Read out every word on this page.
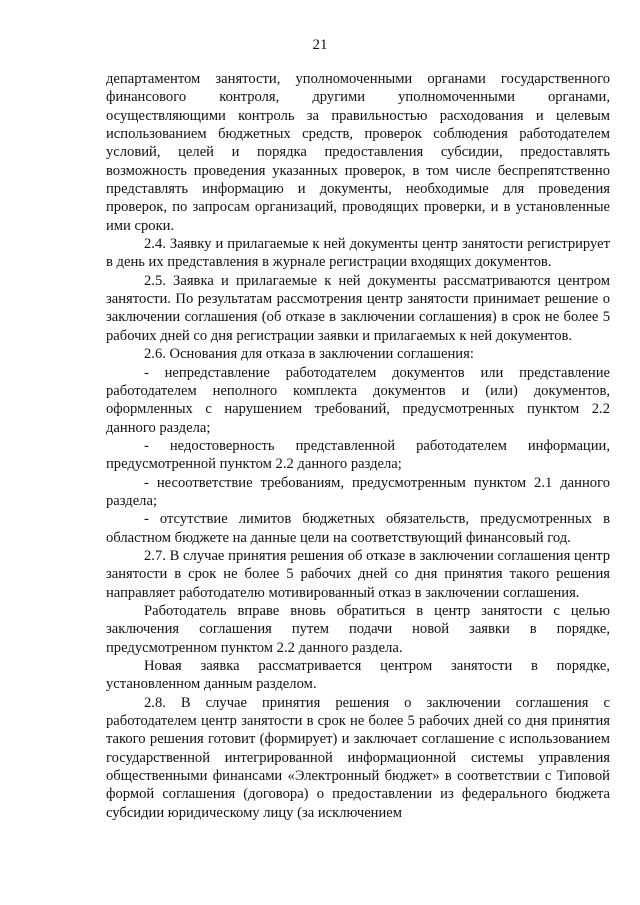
21

департаментом занятости, уполномоченными органами государственного финансового контроля, другими уполномоченными органами, осуществляющими контроль за правильностью расходования и целевым использованием бюджетных средств, проверок соблюдения работодателем условий, целей и порядка предоставления субсидии, предоставлять возможность проведения указанных проверок, в том числе беспрепятственно представлять информацию и документы, необходимые для проведения проверок, по запросам организаций, проводящих проверки, и в установленные ими сроки.

2.4. Заявку и прилагаемые к ней документы центр занятости регистрирует в день их представления в журнале регистрации входящих документов.

2.5. Заявка и прилагаемые к ней документы рассматриваются центром занятости. По результатам рассмотрения центр занятости принимает решение о заключении соглашения (об отказе в заключении соглашения) в срок не более 5 рабочих дней со дня регистрации заявки и прилагаемых к ней документов.

2.6. Основания для отказа в заключении соглашения:

- непредставление работодателем документов или представление работодателем неполного комплекта документов и (или) документов, оформленных с нарушением требований, предусмотренных пунктом 2.2 данного раздела;

- недостоверность представленной работодателем информации, предусмотренной пунктом 2.2 данного раздела;

- несоответствие требованиям, предусмотренным пунктом 2.1 данного раздела;

- отсутствие лимитов бюджетных обязательств, предусмотренных в областном бюджете на данные цели на соответствующий финансовый год.

2.7. В случае принятия решения об отказе в заключении соглашения центр занятости в срок не более 5 рабочих дней со дня принятия такого решения направляет работодателю мотивированный отказ в заключении соглашения.

Работодатель вправе вновь обратиться в центр занятости с целью заключения соглашения путем подачи новой заявки в порядке, предусмотренном пунктом 2.2 данного раздела.

Новая заявка рассматривается центром занятости в порядке, установленном данным разделом.

2.8. В случае принятия решения о заключении соглашения с работодателем центр занятости в срок не более 5 рабочих дней со дня принятия такого решения готовит (формирует) и заключает соглашение с использованием государственной интегрированной информационной системы управления общественными финансами «Электронный бюджет» в соответствии с Типовой формой соглашения (договора) о предоставлении из федерального бюджета субсидии юридическому лицу (за исключением
